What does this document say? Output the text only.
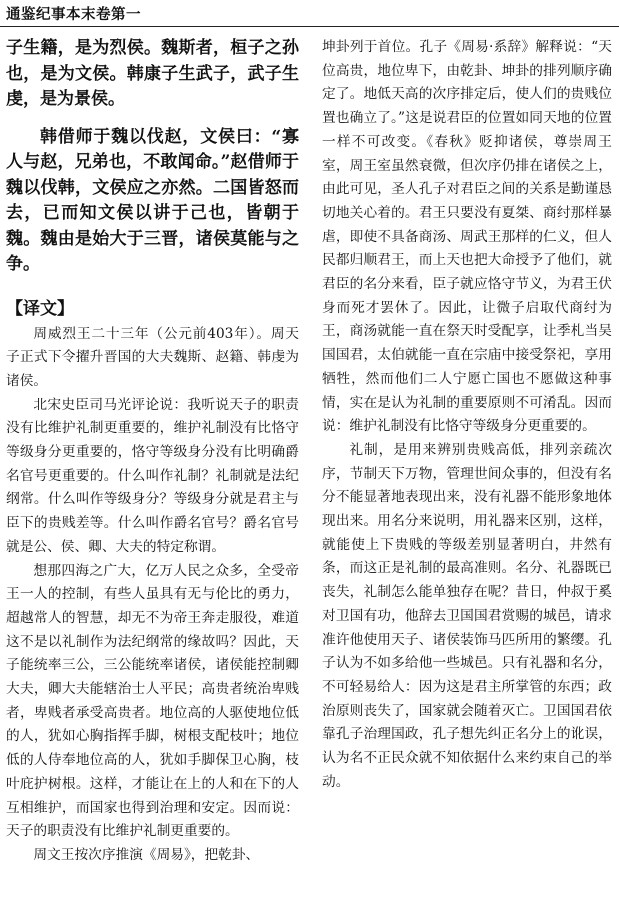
通鉴纪事本末卷第一

子生籍，是为烈侯。魏斯者，桓子之孙也，是为文侯。韩康子生武子，武子生虔，是为景侯。

韩借师于魏以伐赵，文侯曰：“寡人与赵，兄弟也，不敢闻命。”赵借师于魏以伐韩，文侯应之亦然。二国皆怒而去，已而知文侯以讲于己也，皆朝于魏。魏由是始大于三晋，诸侯莫能与之争。

【译文】

周威烈王二十三年（公元前403年）。周天子正式下令擢升晋国的大夫魏斯、赵籍、韩虔为诸侯。

北宋史臣司马光评论说：我听说天子的职责没有比维护礼制更重要的，维护礼制没有比恪守等级身分更重要的，恪守等级身分没有比明确爵名官号更重要的。什么叫作礼制？礼制就是法纪纲常。什么叫作等级身分？等级身分就是君主与臣下的贵贱差等。什么叫作爵名官号？爵名官号就是公、侯、卿、大夫的特定称谓。

想那四海之广大，亿万人民之众多，全受帝王一人的控制，有些人虽具有无与伦比的勇力，超越常人的智慧，却无不为帝王奔走服役，难道这不是以礼制作为法纪纲常的缘故吗？因此，天子能统率三公，三公能统率诸侯，诸侯能控制卿大夫，卿大夫能辖治士人平民；高贵者统治卑贱者，卑贱者承受高贵者。地位高的人驱使地位低的人，犹如心胸指挥手脚，树根支配枝叶；地位低的人侍奉地位高的人，犹如手脚保卫心胸，枝叶庇护树根。这样，才能让在上的人和在下的人互相维护，而国家也得到治理和安定。因而说：天子的职责没有比维护礼制更重要的。

周文王按次序推演《周易》，把乾卦、

坤卦列于首位。孔子《周易·系辞》解释说：“天位高贵，地位卑下，由乾卦、坤卦的排列顺序确定了。地低天高的次序排定后，使人们的贵贱位置也确立了。”这是说君臣的位置如同天地的位置一样不可改变。《春秋》贬抑诸侯，尊崇周王室，周王室虽然衰微，但次序仍排在诸侯之上，由此可见，圣人孔子对君臣之间的关系是勤谨恳切地关心着的。君王只要没有夏桀、商纣那样暴虐，即使不具备商汤、周武王那样的仁义，但人民都归顺君王，而上天也把大命授予了他们，就君臣的名分来看，臣子就应恪守节义，为君王伏身而死才罢休了。因此，让微子启取代商纣为王，商汤就能一直在祭天时受配享，让季札当吴国国君，太伯就能一直在宗庙中接受祭祀，享用牺牲，然而他们二人宁愿亡国也不愿做这种事情，实在是认为礼制的重要原则不可淆乱。因而说：维护礼制没有比恪守等级身分更重要的。

礼制，是用来辨别贵贱高低，排列亲疏次序，节制天下万物，管理世间众事的，但没有名分不能显著地表现出来，没有礼器不能形象地体现出来。用名分来说明，用礼器来区别，这样，就能使上下贵贱的等级差别显著明白，井然有条，而这正是礼制的最高准则。名分、礼器既已丧失，礼制怎么能单独存在呢？昔日，仲叔于奚对卫国有功，他辞去卫国国君赏赐的城邑，请求准许他使用天子、诸侯装饰马匹所用的繁缨。孔子认为不如多给他一些城邑。只有礼器和名分，不可轻易给人：因为这是君主所掌管的东西；政治原则丧失了，国家就会随着灭亡。卫国国君依靠孔子治理国政，孔子想先纠正名分上的讹误，认为名不正民众就不知依据什么来约束自己的举动。
